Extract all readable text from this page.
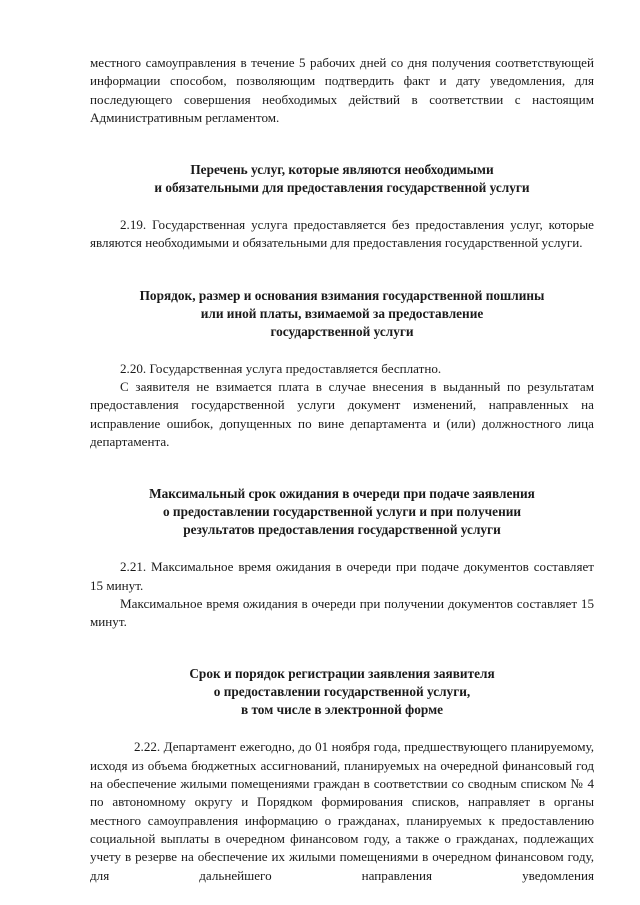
местного самоуправления в течение 5 рабочих дней со дня получения соответствующей информации способом, позволяющим подтвердить факт и дату уведомления, для последующего совершения необходимых действий в соответствии с настоящим Административным регламентом.

Перечень услуг, которые являются необходимыми
и обязательными для предоставления государственной услуги

2.19. Государственная услуга предоставляется без предоставления услуг, которые являются необходимыми и обязательными для предоставления государственной услуги.

Порядок, размер и основания взимания государственной пошлины
или иной платы, взимаемой за предоставление
государственной услуги

2.20. Государственная услуга предоставляется бесплатно.

С заявителя не взимается плата в случае внесения в выданный по результатам предоставления государственной услуги документ изменений, направленных на исправление ошибок, допущенных по вине департамента и (или) должностного лица департамента.

Максимальный срок ожидания в очереди при подаче заявления
о предоставлении государственной услуги и при получении
результатов предоставления государственной услуги

2.21. Максимальное время ожидания в очереди при подаче документов составляет 15 минут.

Максимальное время ожидания в очереди при получении документов составляет 15 минут.

Срок и порядок регистрации заявления заявителя
о предоставлении государственной услуги,
в том числе в электронной форме

2.22. Департамент ежегодно, до 01 ноября года, предшествующего планируемому, исходя из объема бюджетных ассигнований, планируемых на очередной финансовый год на обеспечение жилыми помещениями граждан в соответствии со сводным списком № 4 по автономному округу и Порядком формирования списков, направляет в органы местного самоуправления информацию о гражданах, планируемых к предоставлению социальной выплаты в очередном финансовом году, а также о гражданах, подлежащих учету в резерве на обеспечение их жилыми помещениями в очередном финансовом году, для дальнейшего направления уведомления
